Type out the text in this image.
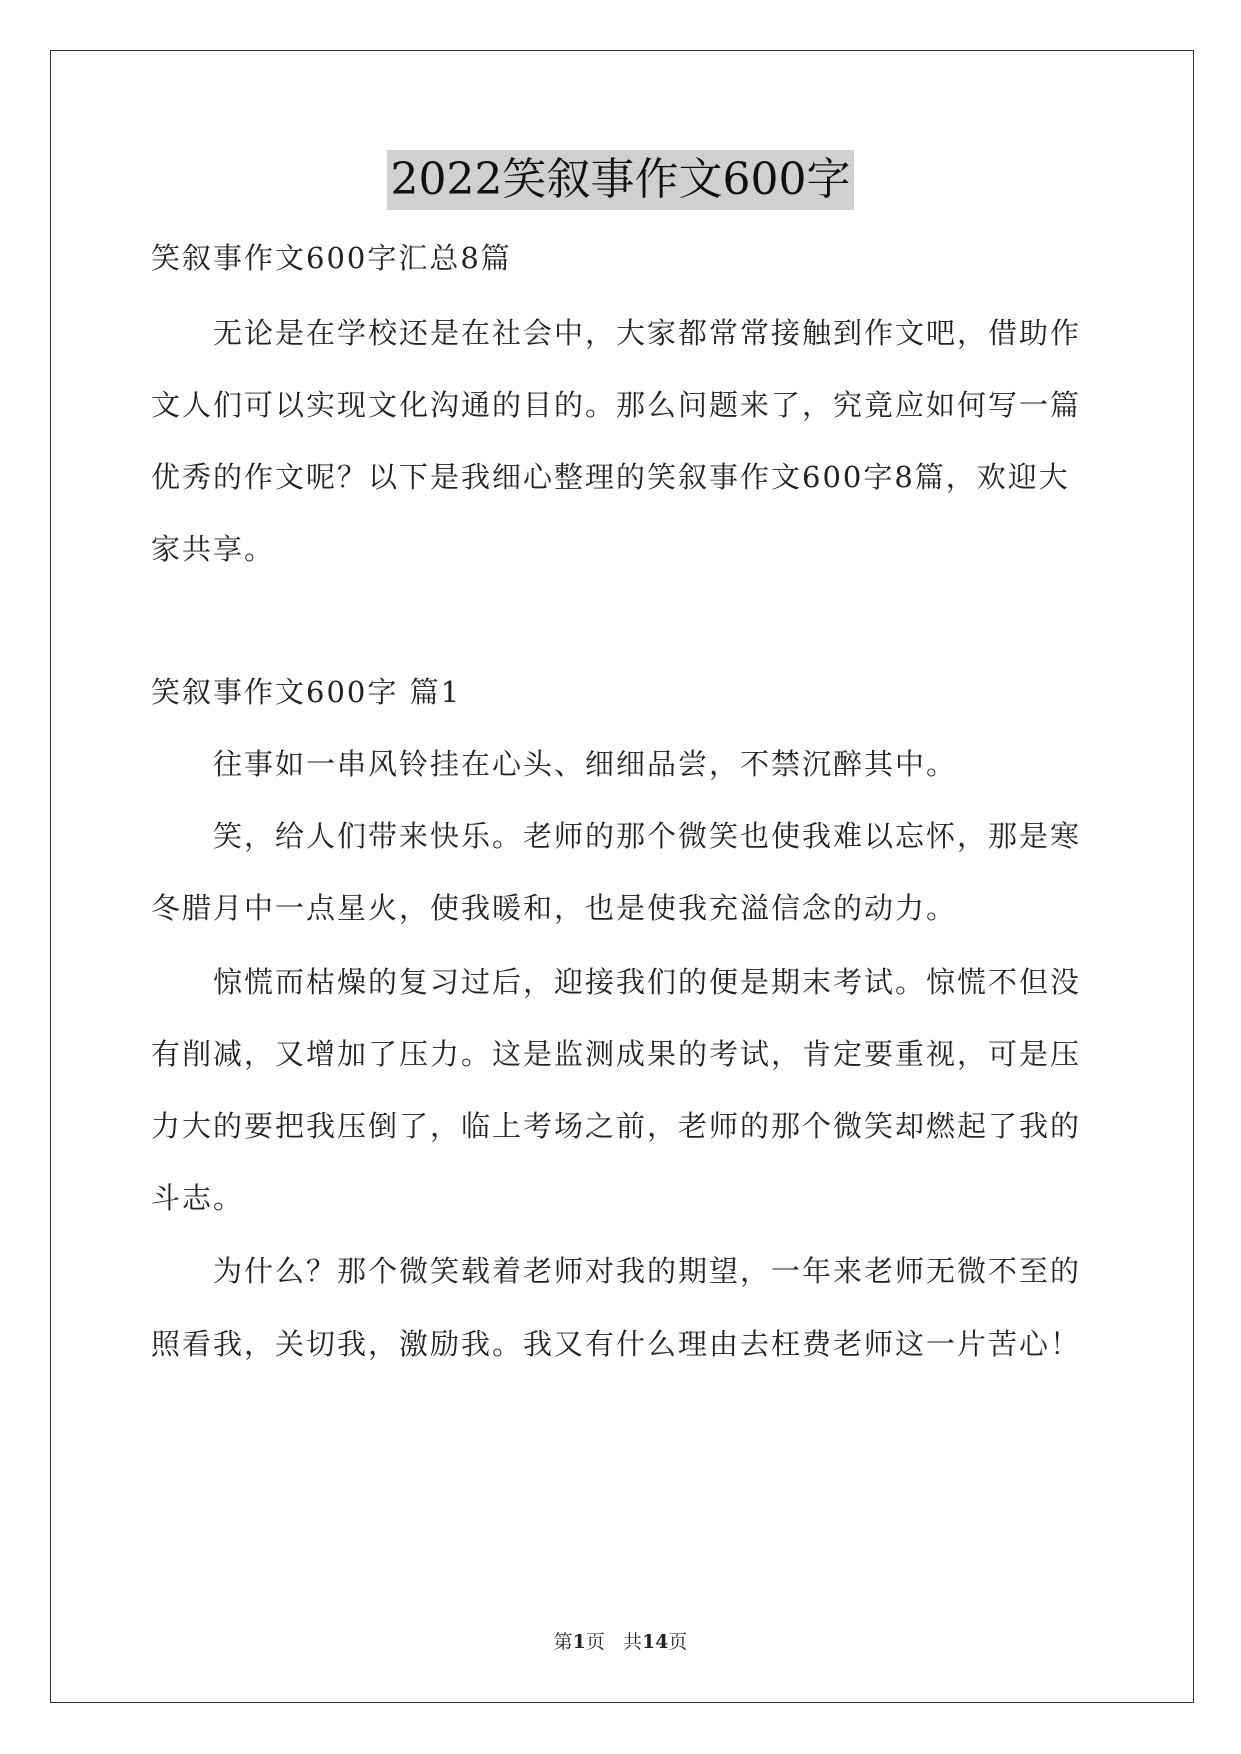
2022笑叙事作文600字
笑叙事作文600字汇总8篇
　　无论是在学校还是在社会中，大家都常常接触到作文吧，借助作
文人们可以实现文化沟通的目的。那么问题来了，究竟应如何写一篇
优秀的作文呢？以下是我细心整理的笑叙事作文600字8篇，欢迎大
家共享。
笑叙事作文600字 篇1
　　往事如一串风铃挂在心头、细细品尝，不禁沉醉其中。
　　笑，给人们带来快乐。老师的那个微笑也使我难以忘怀，那是寒
冬腊月中一点星火，使我暖和，也是使我充溢信念的动力。
　　惊慌而枯燥的复习过后，迎接我们的便是期末考试。惊慌不但没
有削减，又增加了压力。这是监测成果的考试，肯定要重视，可是压
力大的要把我压倒了，临上考场之前，老师的那个微笑却燃起了我的
斗志。
　　为什么？那个微笑载着老师对我的期望，一年来老师无微不至的
照看我，关切我，激励我。我又有什么理由去枉费老师这一片苦心！
第1页 共14页
